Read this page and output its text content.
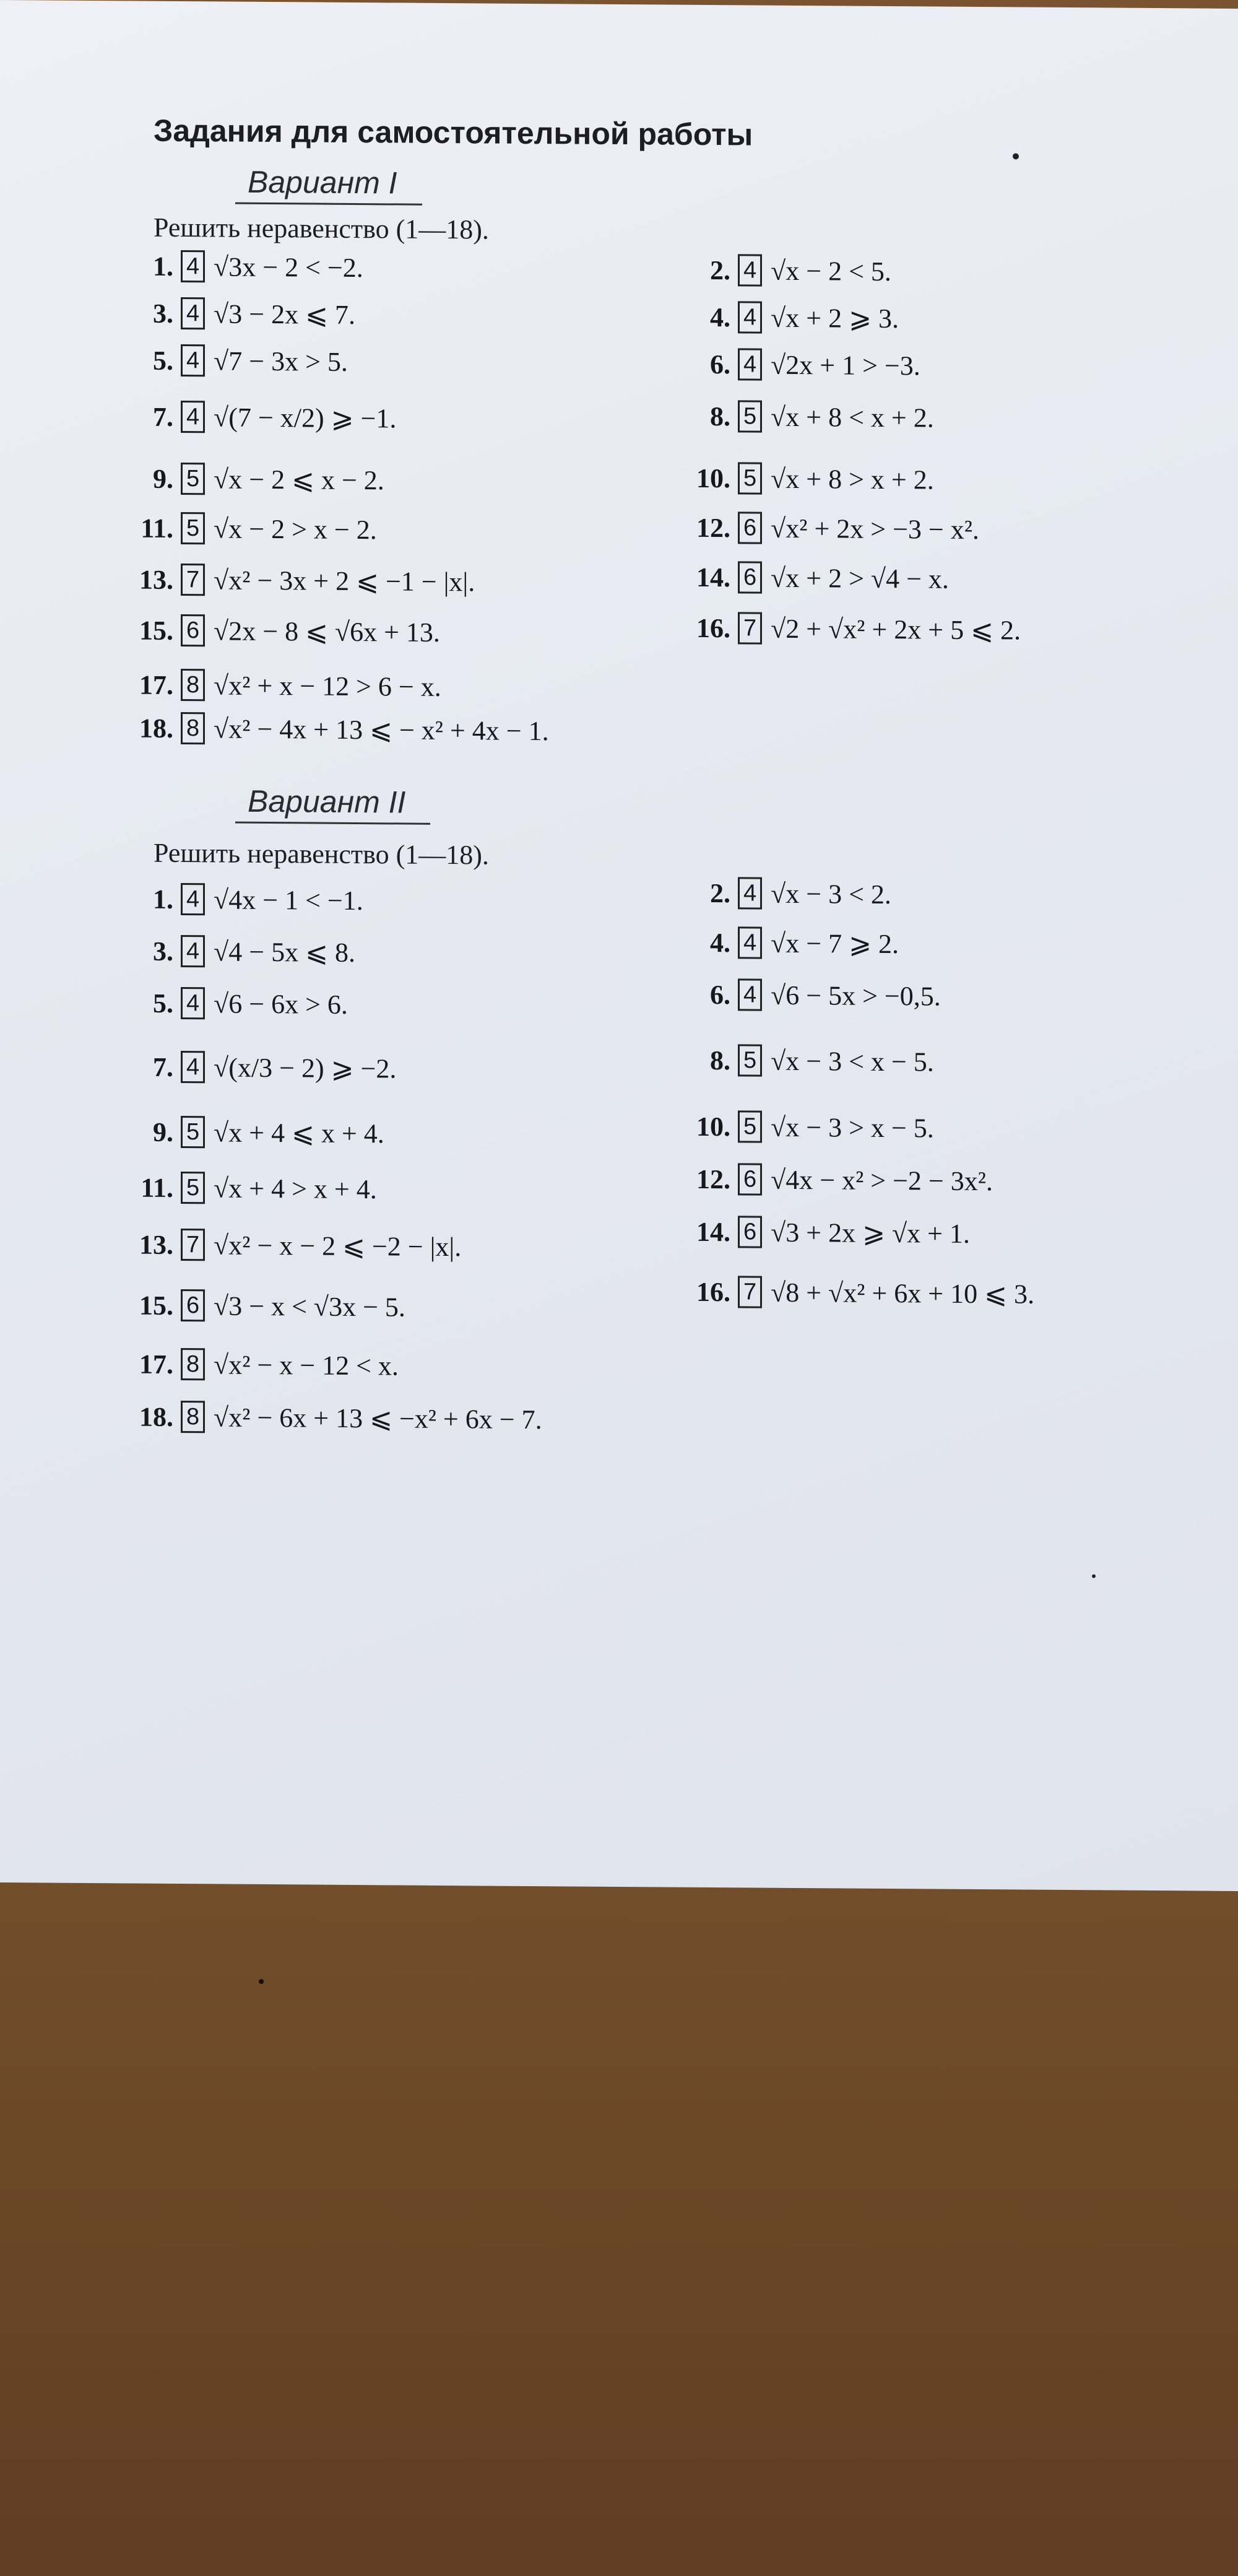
Задания для самостоятельной работы
Вариант I
Решить неравенство (1—18).
Вариант II
Решить неравенство (1—18).
1. 4 √3x − 2 < −2.	2. 4 √x − 2 < 5.
3. 4 √3 − 2x ⩽ 7.	4. 4 √x + 2 ⩾ 3.
5. 4 √7 − 3x > 5.	6. 4 √2x + 1 > −3.
7. 4 √(7 − x/2) ⩾ −1.	8. 5 √x + 8 < x + 2.
9. 5 √x − 2 ⩽ x − 2.	10. 5 √x + 8 > x + 2.
11. 5 √x − 2 > x − 2.	12. 6 √x² + 2x > −3 − x².
13. 7 √x² − 3x + 2 ⩽ −1 − |x|.	14. 6 √x + 2 > √4 − x.
15. 6 √2x − 8 ⩽ √6x + 13.	16. 7 √2 + √x² + 2x + 5 ⩽ 2.
17. 8 √x² + x − 12 > 6 − x.
18. 8 √x² − 4x + 13 ⩽ − x² + 4x − 1.
1. 4 √4x − 1 < −1.	2. 4 √x − 3 < 2.
3. 4 √4 − 5x ⩽ 8.	4. 4 √x − 7 ⩾ 2.
5. 4 √6 − 6x > 6.	6. 4 √6 − 5x > −0,5.
7. 4 √(x/3 − 2) ⩾ −2.	8. 5 √x − 3 < x − 5.
9. 5 √x + 4 ⩽ x + 4.	10. 5 √x − 3 > x − 5.
11. 5 √x + 4 > x + 4.	12. 6 √4x − x² > −2 − 3x².
13. 7 √x² − x − 2 ⩽ −2 − |x|.	14. 6 √3 + 2x ⩾ √x + 1.
15. 6 √3 − x < √3x − 5.	16. 7 √8 + √x² + 6x + 10 ⩽ 3.
17. 8 √x² − x − 12 < x.
18. 8 √x² − 6x + 13 ⩽ −x² + 6x − 7.
